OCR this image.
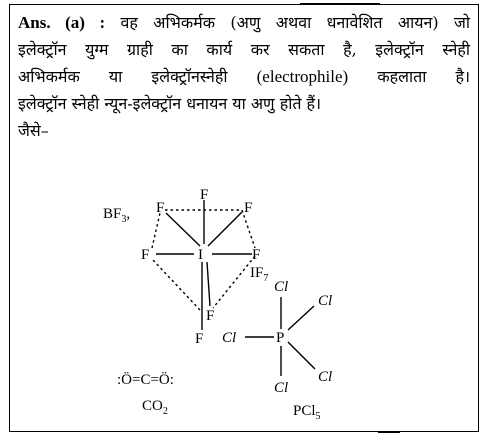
Ans. (a) : वह अभिकर्मक (अणु अथवा धनावेशित आयन) जो
इलेक्ट्रॉन युग्म ग्राही का कार्य कर सकता है, इलेक्ट्रॉन स्नेही
अभिकर्मक या इलेक्ट्रॉनस्नेही (electrophile) कहलाता है।
इलेक्ट्रॉन स्नेही न्यून-इलेक्ट्रॉन धनायन या अणु होते हैं।
जैसे–
$BF_3$,
I
F
F
F
F	F
F
F
$IF_7$
P
Cl
Cl
Cl
Cl
Cl
PCl$_5$
:Ö=C=Ö:
$CO_2$
